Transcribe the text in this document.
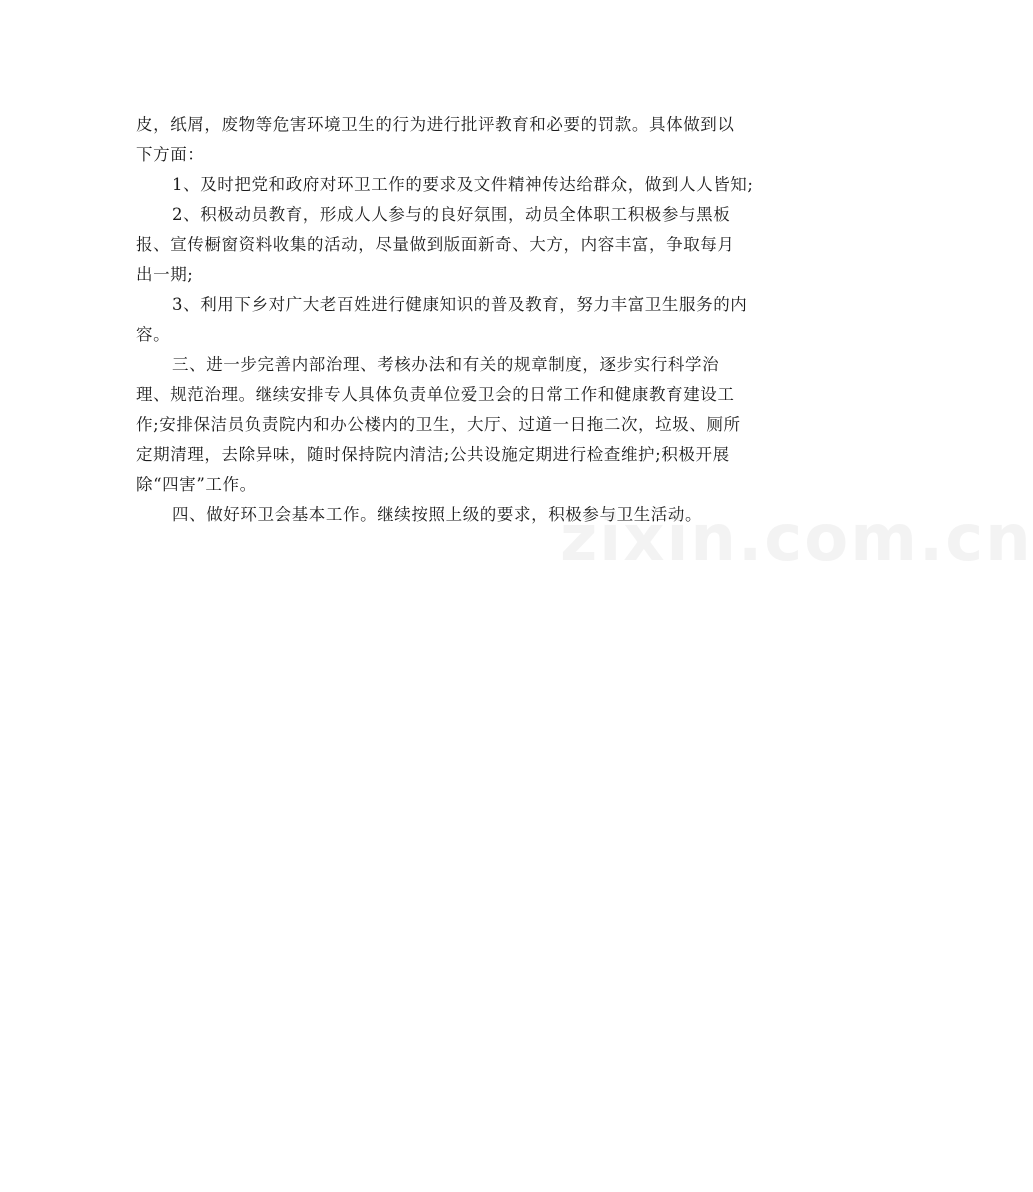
皮，纸屑，废物等危害环境卫生的行为进行批评教育和必要的罚款。具体做到以
下方面：
1、及时把党和政府对环卫工作的要求及文件精神传达给群众，做到人人皆知;
2、积极动员教育，形成人人参与的良好氛围，动员全体职工积极参与黑板
报、宣传橱窗资料收集的活动，尽量做到版面新奇、大方，内容丰富，争取每月
出一期;
3、利用下乡对广大老百姓进行健康知识的普及教育，努力丰富卫生服务的内
容。
三、进一步完善内部治理、考核办法和有关的规章制度，逐步实行科学治
理、规范治理。继续安排专人具体负责单位爱卫会的日常工作和健康教育建设工
作;安排保洁员负责院内和办公楼内的卫生，大厅、过道一日拖二次，垃圾、厕所
定期清理，去除异味，随时保持院内清洁;公共设施定期进行检查维护;积极开展
除“四害”工作。
四、做好环卫会基本工作。继续按照上级的要求，积极参与卫生活动。
zixin.com.cn
